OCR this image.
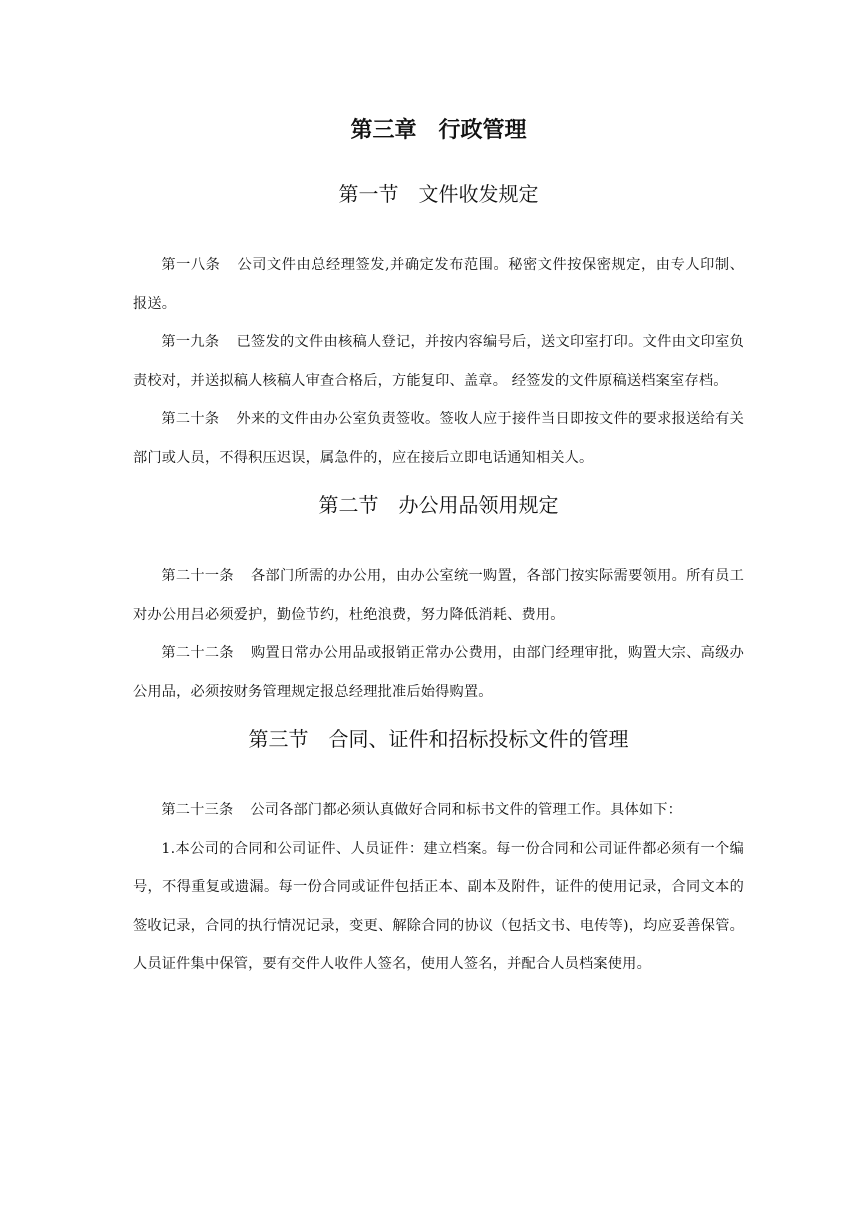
第三章　行政管理
第一节　文件收发规定

第一八条 公司文件由总经理签发,并确定发布范围。秘密文件按保密规定，由专人印制、报送。

第一九条 已签发的文件由核稿人登记，并按内容编号后，送文印室打印。文件由文印室负责校对，并送拟稿人核稿人审查合格后，方能复印、盖章。 经签发的文件原稿送档案室存档。

第二十条 外来的文件由办公室负责签收。签收人应于接件当日即按文件的要求报送给有关部门或人员，不得积压迟误，属急件的，应在接后立即电话通知相关人。

第二节　办公用品领用规定

第二十一条 各部门所需的办公用，由办公室统一购置，各部门按实际需要领用。所有员工对办公用吕必须爱护，勤俭节约，杜绝浪费，努力降低消耗、费用。

第二十二条 购置日常办公用品或报销正常办公费用，由部门经理审批，购置大宗、高级办公用品，必须按财务管理规定报总经理批准后始得购置。

第三节　合同、证件和招标投标文件的管理

第二十三条 公司各部门都必须认真做好合同和标书文件的管理工作。具体如下：

1.本公司的合同和公司证件、人员证件：建立档案。每一份合同和公司证件都必须有一个编号，不得重复或遗漏。每一份合同或证件包括正本、副本及附件，证件的使用记录，合同文本的签收记录，合同的执行情况记录，变更、解除合同的协议（包括文书、电传等)，均应妥善保管。人员证件集中保管，要有交件人收件人签名，使用人签名，并配合人员档案使用。
